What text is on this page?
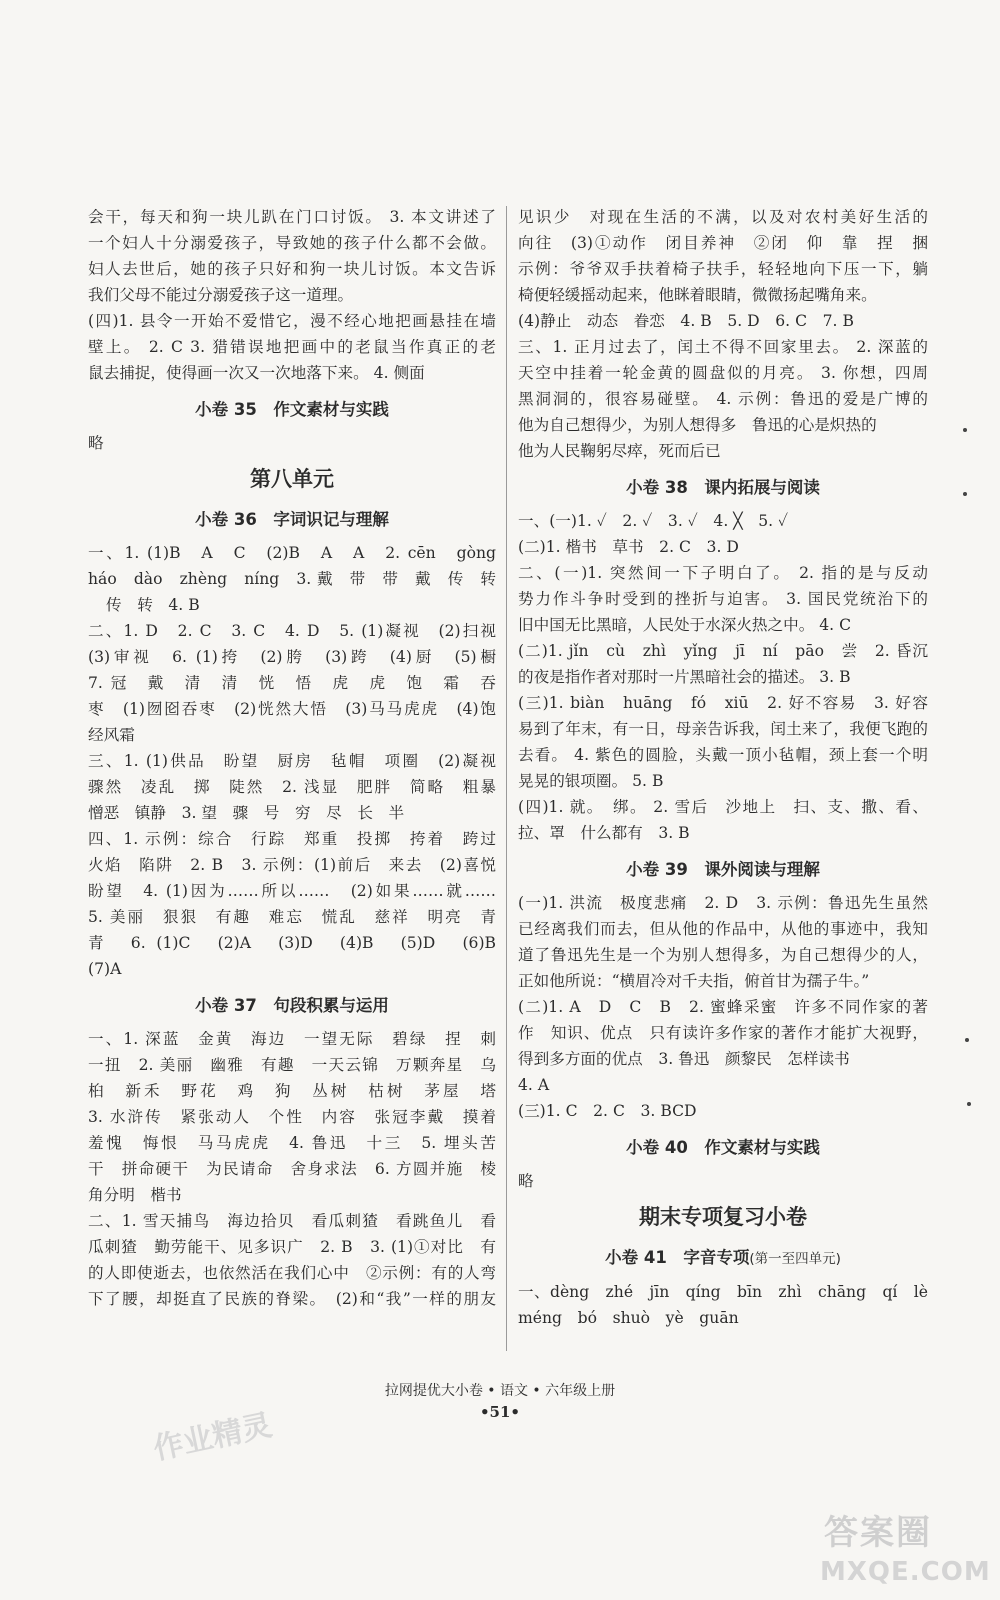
会干，每天和狗一块儿趴在门口讨饭。 3. 本文讲述了

一个妇人十分溺爱孩子，导致她的孩子什么都不会做。

妇人去世后，她的孩子只好和狗一块儿讨饭。本文告诉

我们父母不能过分溺爱孩子这一道理。

(四)1. 县令一开始不爱惜它，漫不经心地把画悬挂在墙

壁上。 2. C 3. 猎错误地把画中的老鼠当作真正的老

鼠去捕捉，使得画一次又一次地落下来。 4. 侧面

小卷 35　作文素材与实践

略

第八单元
小卷 36　字词识记与理解

一、1. (1)B　A　C　(2)B　A　A　2. cēn　gòng

háo　dào　zhèng　níng　3. 戴　带　带　戴　传　转

传　转　4. B

二、1. D　2. C　3. C　4. D　5. (1)凝视　(2)扫视

(3)审视　6. (1)挎　(2)胯　(3)跨　(4)厨　(5)橱

7. 冠　戴　清　清　恍　悟　虎　虎　饱　霜　吞

枣　(1)囫囵吞枣　(2)恍然大悟　(3)马马虎虎　(4)饱

经风霜

三、1. (1)供品　盼望　厨房　毡帽　项圈　(2)凝视

骤然　凌乱　掷　陡然　2. 浅显　肥胖　简略　粗暴

憎恶　镇静　3. 望　骤　号　穷　尽　长　半

四、1. 示例：综合　行踪　郑重　投掷　挎着　跨过

火焰　陷阱　2. B　3. 示例：(1)前后　来去　(2)喜悦

盼望　4. (1)因为……所以……　(2)如果……就……

5. 美丽　狠狠　有趣　难忘　慌乱　慈祥　明亮　青

青　6. (1)C　(2)A　(3)D　(4)B　(5)D　(6)B

(7)A

小卷 37　句段积累与运用

一、1. 深蓝　金黄　海边　一望无际　碧绿　捏　刺

一扭　2. 美丽　幽雅　有趣　一天云锦　万颗奔星　乌

桕　新禾　野花　鸡　狗　丛树　枯树　茅屋　塔

3. 水浒传　紧张动人　个性　内容　张冠李戴　摸着

羞愧　悔恨　马马虎虎　4. 鲁迅　十三　5. 埋头苦

干　拼命硬干　为民请命　舍身求法　6. 方圆并施　棱

角分明　楷书

二、1. 雪天捕鸟　海边拾贝　看瓜刺猹　看跳鱼儿　看

瓜刺猹　勤劳能干、见多识广　2. B　3. (1)①对比　有

的人即使逝去，也依然活在我们心中　②示例：有的人弯

下了腰，却挺直了民族的脊梁。　(2)和“我”一样的朋友

见识少　对现在生活的不满，以及对农村美好生活的

向往　(3)①动作　闭目养神　②闭　仰　靠　捏　捆

示例：爷爷双手扶着椅子扶手，轻轻地向下压一下，躺

椅便轻缓摇动起来，他眯着眼睛，微微扬起嘴角来。

(4)静止　动态　眷恋　4. B　5. D　6. C　7. B

三、1. 正月过去了，闰土不得不回家里去。 2. 深蓝的

天空中挂着一轮金黄的圆盘似的月亮。 3. 你想，四周

黑洞洞的，很容易碰壁。 4. 示例：鲁迅的爱是广博的

他为自己想得少，为别人想得多　鲁迅的心是炽热的

他为人民鞠躬尽瘁，死而后已

小卷 38　课内拓展与阅读

一、(一)1. ✓　2. ✓　3. ✓　4. ╳　5. ✓

(二)1. 楷书　草书　2. C　3. D

二、(一)1. 突然间一下子明白了。 2. 指的是与反动

势力作斗争时受到的挫折与迫害。 3. 国民党统治下的

旧中国无比黑暗，人民处于水深火热之中。 4. C

(二)1. jǐn　cù　zhì　yǐng　jī　ní　pāo　尝　2. 昏沉

的夜是指作者对那时一片黑暗社会的描述。 3. B

(三)1. biàn　huāng　fó　xiū　2. 好不容易　3. 好容

易到了年末，有一日，母亲告诉我，闰土来了，我便飞跑的

去看。 4. 紫色的圆脸，头戴一顶小毡帽，颈上套一个明

晃晃的银项圈。 5. B

(四)1. 就。　绑。 2. 雪后　沙地上　扫、支、撒、看、

拉、罩　什么都有　3. B

小卷 39　课外阅读与理解

(一)1. 洪流　极度悲痛　2. D　3. 示例：鲁迅先生虽然

已经离我们而去，但从他的作品中，从他的事迹中，我知

道了鲁迅先生是一个为别人想得多，为自己想得少的人，

正如他所说：“横眉冷对千夫指，俯首甘为孺子牛。”

(二)1. A　D　C　B　2. 蜜蜂采蜜　许多不同作家的著

作　知识、优点　只有读许多作家的著作才能扩大视野，

得到多方面的优点　3. 鲁迅　颜黎民　怎样读书

4. A

(三)1. C　2. C　3. BCD

小卷 40　作文素材与实践

略

期末专项复习小卷
小卷 41　字音专项(第一至四单元)

一、dèng　zhé　jīn　qíng　bīn　zhì　chāng　qí　lè

méng　bó　shuò　yè　guān

作业精灵

拉网提优大小卷 • 语文 • 六年级上册

•51•

答案圈
MXQE.COM
